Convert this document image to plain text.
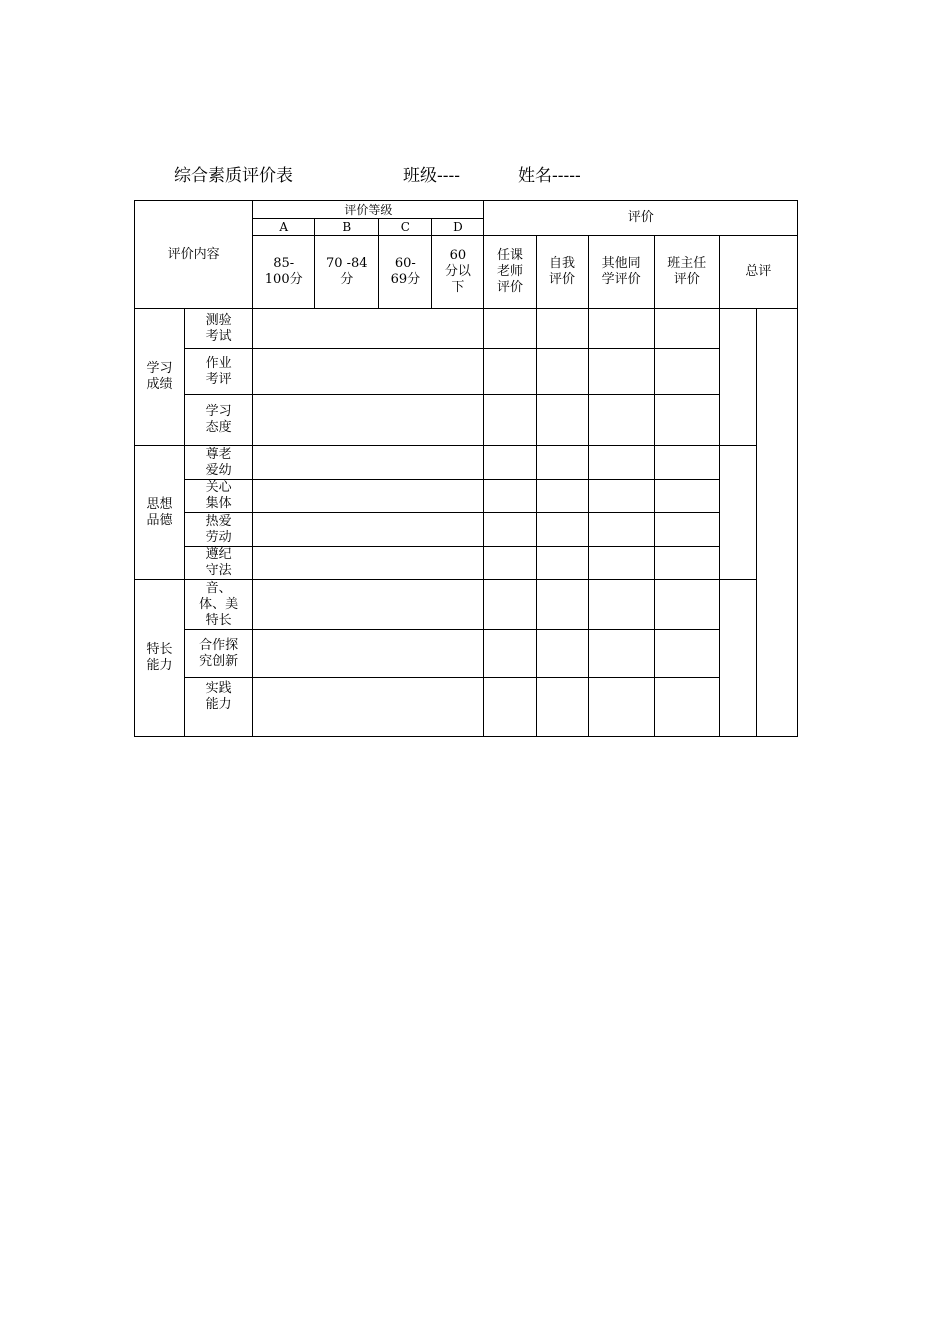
综合素质评价表	班级----	姓名-----
评价内容		评价等级				评价					
		A	B	C	D						
		85-100分	70 -84分	60-69分	60分以下	任课老师评价	自我评价	其他同学评价	班主任评价	总评	
学习成绩	测验考试										
	作业考评										
	学习态度										
思想品德	尊老爱幼										
	关心集体										
	热爱劳动										
	遵纪守法										
特长能力	音、体、美特长										
	合作探究创新										
	实践能力										
